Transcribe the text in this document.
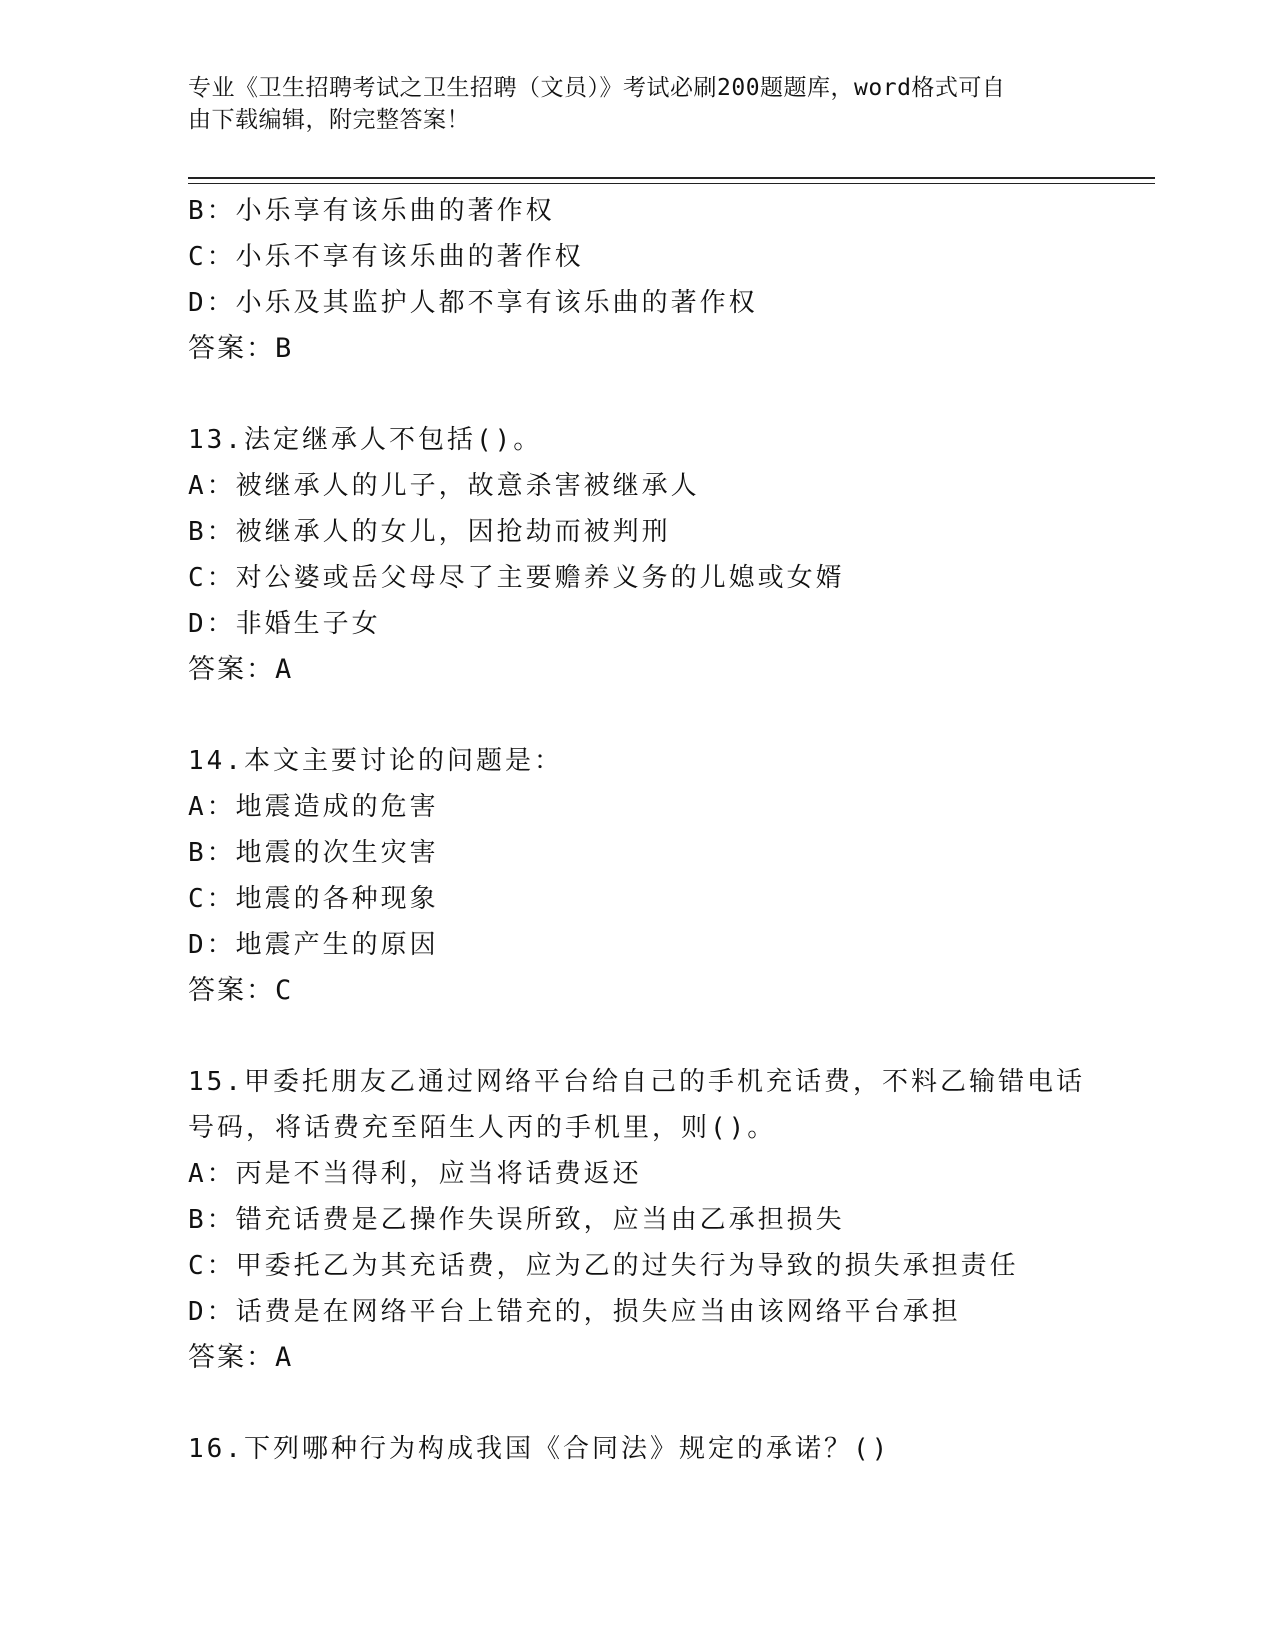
专业《卫生招聘考试之卫生招聘（文员）》考试必刷200题题库，word格式可自
由下载编辑，附完整答案！
B：小乐享有该乐曲的著作权
C：小乐不享有该乐曲的著作权
D：小乐及其监护人都不享有该乐曲的著作权
答案：B
13.法定继承人不包括()。
A：被继承人的儿子，故意杀害被继承人
B：被继承人的女儿，因抢劫而被判刑
C：对公婆或岳父母尽了主要赡养义务的儿媳或女婿
D：非婚生子女
答案：A
14.本文主要讨论的问题是：
A：地震造成的危害
B：地震的次生灾害
C：地震的各种现象
D：地震产生的原因
答案：C
15.甲委托朋友乙通过网络平台给自己的手机充话费，不料乙输错电话
号码，将话费充至陌生人丙的手机里，则()。
A：丙是不当得利，应当将话费返还
B：错充话费是乙操作失误所致，应当由乙承担损失
C：甲委托乙为其充话费，应为乙的过失行为导致的损失承担责任
D：话费是在网络平台上错充的，损失应当由该网络平台承担
答案：A
16.下列哪种行为构成我国《合同法》规定的承诺？()
